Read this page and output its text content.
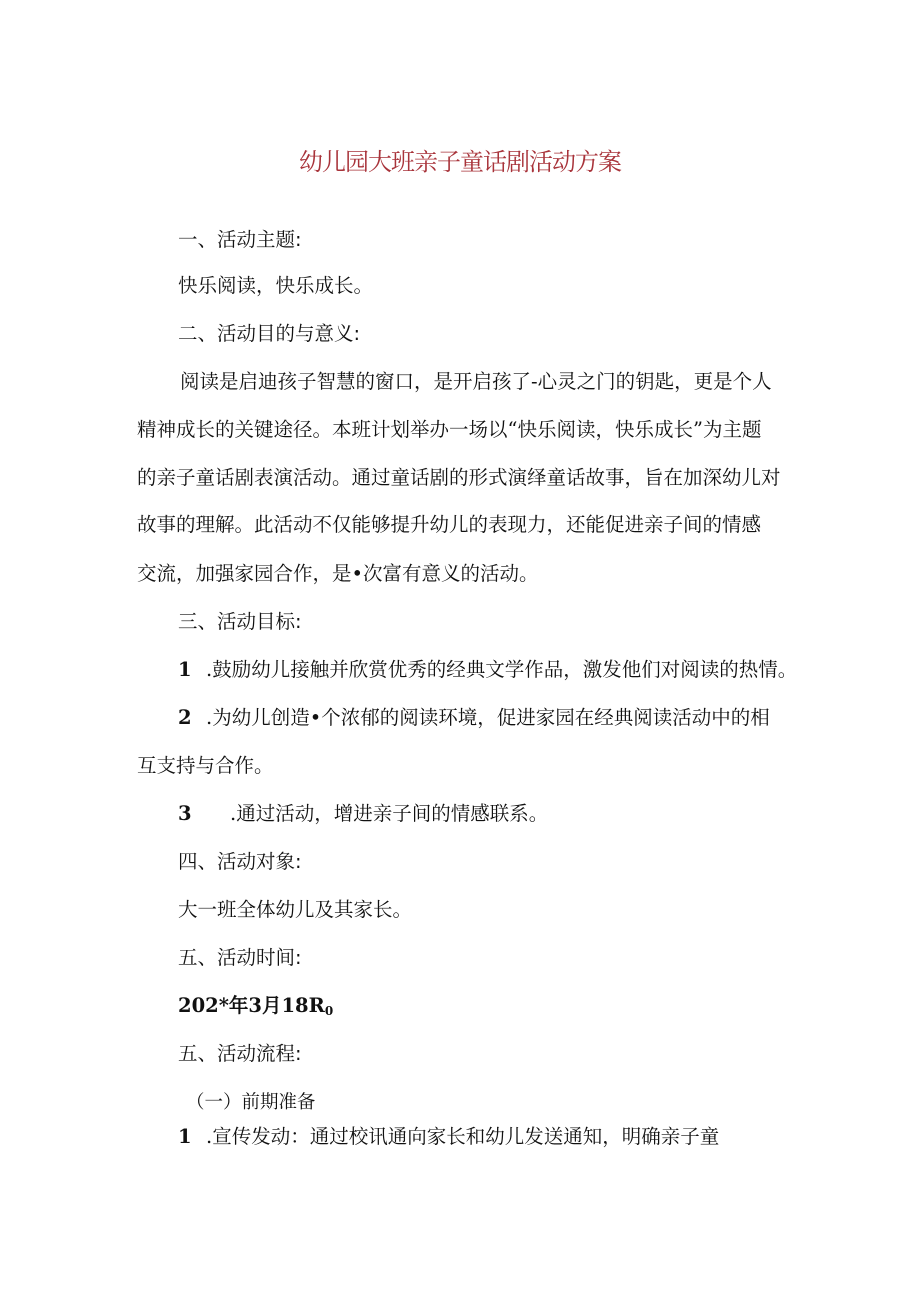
幼儿园大班亲子童话剧活动方案
一、活动主题:
快乐阅读，快乐成长。
二、活动目的与意义:
阅读是启迪孩子智慧的窗口，是开启孩了-心灵之门的钥匙，更是个人
精神成长的关键途径。本班计划举办一场以“快乐阅读，快乐成长”为主题
的亲子童话剧表演活动。通过童话剧的形式演绎童话故事，旨在加深幼儿对
故事的理解。此活动不仅能够提升幼儿的表现力，还能促进亲子间的情感
交流，加强家园合作，是•次富有意义的活动。
三、活动目标:
1 .鼓励幼儿接触并欣赏优秀的经典文学作品，激发他们对阅读的热情。
2 .为幼儿创造•个浓郁的阅读环境，促进家园在经典阅读活动中的相
互支持与合作。
3 .通过活动，增进亲子间的情感联系。
四、活动对象:
大一班全体幼儿及其家长。
五、活动时间:
202*年3月$18R_0$
五、活动流程:
（一）前期准备
1 .宣传发动：通过校讯通向家长和幼儿发送通知，明确亲子童
